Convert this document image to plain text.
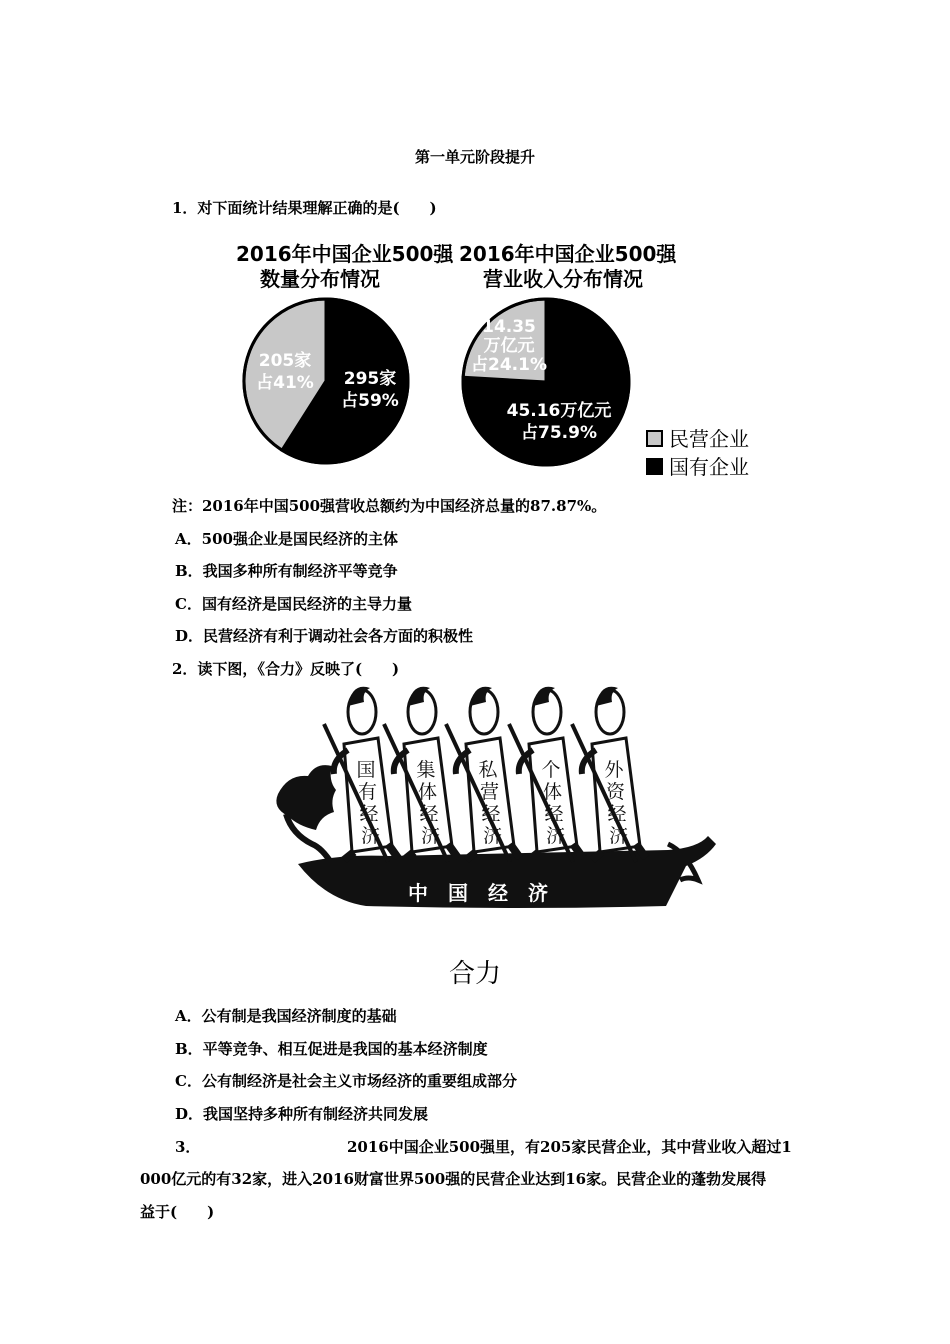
第一单元阶段提升
1．对下面统计结果理解正确的是(　　)
2016年中国企业500强
数量分布情况
2016年中国企业500强
营业收入分布情况
205家
占41%	295家
占59%
14.35
万亿元
占24.1%
45.16万亿元
占75.9%	民营企业
国有企业
注：2016年中国500强营收总额约为中国经济总量的87.87%。
A．500强企业是国民经济的主体
B．我国多种所有制经济平等竞争
C．国有经济是国民经济的主导力量
D．民营经济有利于调动社会各方面的积极性
2．读下图，《合力》反映了(　　)
国
有
经
济
集
体
经
济
私
营
经
济
个
体
经
济
外
资
经
济
中　国　经　济
合力
A．公有制是我国经济制度的基础
B．平等竞争、相互促进是我国的基本经济制度
C．公有制经济是社会主义市场经济的重要组成部分
D．我国坚持多种所有制经济共同发展
3．	2016中国企业500强里，有205家民营企业，其中营业收入超过1
000亿元的有32家，进入2016财富世界500强的民营企业达到16家。民营企业的蓬勃发展得
益于(　　)
